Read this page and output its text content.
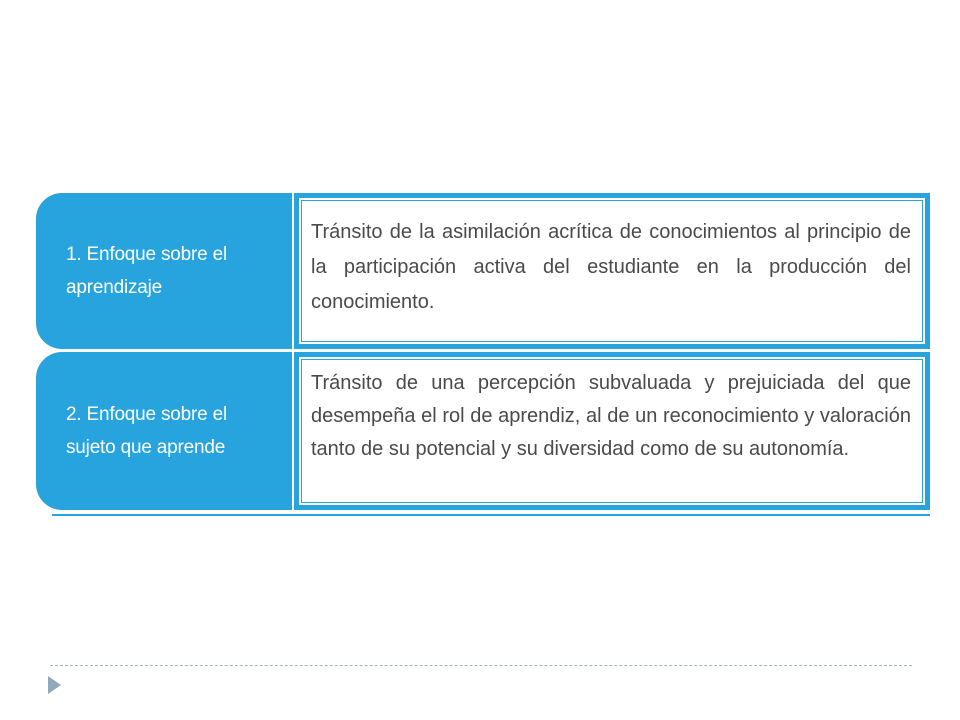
1. Enfoque sobre el
aprendizaje
Tránsito de la asimilación acrítica de conocimientos al principio de la participación activa del estudiante en la producción del conocimiento.
2. Enfoque sobre el
sujeto que aprende
Tránsito de una percepción subvaluada y prejuiciada del que desempeña el rol de aprendiz, al de un reconocimiento y valoración tanto de su potencial y su diversidad como de su autonomía.
